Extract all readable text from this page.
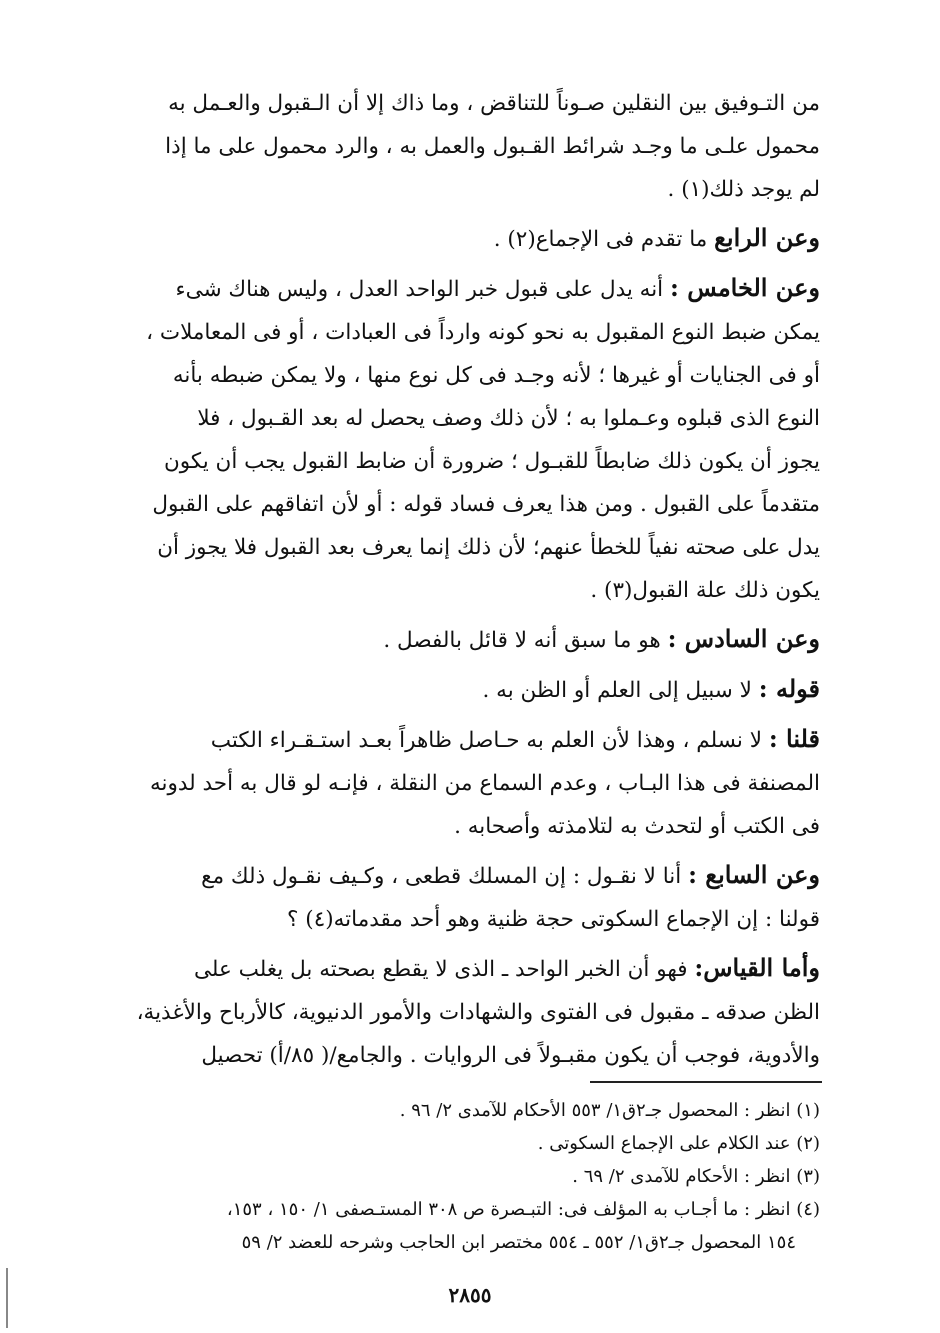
من التـوفيق بين النقلين صـوناً للتناقض ، وما ذاك إلا أن الـقبول والعـمل به
محمول علـى ما وجـد شرائط القـبول والعمل به ، والرد محمول على ما إذا
لم يوجد ذلك(١) .

وعن الرابع ما تقدم فى الإجماع(٢) .

وعن الخامس : أنه يدل على قبول خبر الواحد العدل ، وليس هناك شىء
يمكن ضبط النوع المقبول به نحو كونه وارداً فى العبادات ، أو فى المعاملات ،
أو فى الجنايات أو غيرها ؛ لأنه وجـد فى كل نوع منها ، ولا يمكن ضبطه بأنه
النوع الذى قبلوه وعـملوا به ؛ لأن ذلك وصف يحصل له بعد القـبول ، فلا
يجوز أن يكون ذلك ضابطاً للقبـول ؛ ضرورة أن ضابط القبول يجب أن يكون
متقدماً على القبول . ومن هذا يعرف فساد قوله : أو لأن اتفاقهم على القبول
يدل على صحته نفياً للخطأ عنهم؛ لأن ذلك إنما يعرف بعد القبول فلا يجوز أن
يكون ذلك علة القبول(٣) .

وعن السادس : هو ما سبق أنه لا قائل بالفصل .

قوله : لا سبيل إلى العلم أو الظن به .

قلنا : لا نسلم ، وهذا لأن العلم به حـاصل ظاهراً بعـد استـقـراء الكتب
المصنفة فى هذا البـاب ، وعدم السماع من النقلة ، فإنـه لو قال به أحد لدونه
فى الكتب أو لتحدث به لتلامذته وأصحابه .

وعن السابع : أنا لا نقـول : إن المسلك قطعى ، وكـيف نقـول ذلك مع
قولنا : إن الإجماع السكوتى حجة ظنية وهو أحد مقدماته(٤) ؟

وأما القياس: فهو أن الخبر الواحد ـ الذى لا يقطع بصحته بل يغلب على
الظن صدقه ـ مقبول فى الفتوى والشهادات والأمور الدنيوية، كالأرباح والأغذية،
والأدوية، فوجب أن يكون مقبـولاً فى الروايات . والجامع/( ٨٥/أ) تحصيل

(١) انظر : المحصول جـ٢ق١/ ٥٥٣ الأحكام للآمدى ٢/ ٩٦ .

(٢) عند الكلام على الإجماع السكوتى .

(٣) انظر : الأحكام للآمدى ٢/ ٦٩ .

(٤) انظر : ما أجـاب به المؤلف فى: التبـصرة ص ٣٠٨ المستـصفى ١/ ١٥٠ ، ١٥٣،

١٥٤ المحصول جـ٢ق١/ ٥٥٢ ـ ٥٥٤ مختصر ابن الحاجب وشرحه للعضد ٢/ ٥٩

٢٨٥٥
